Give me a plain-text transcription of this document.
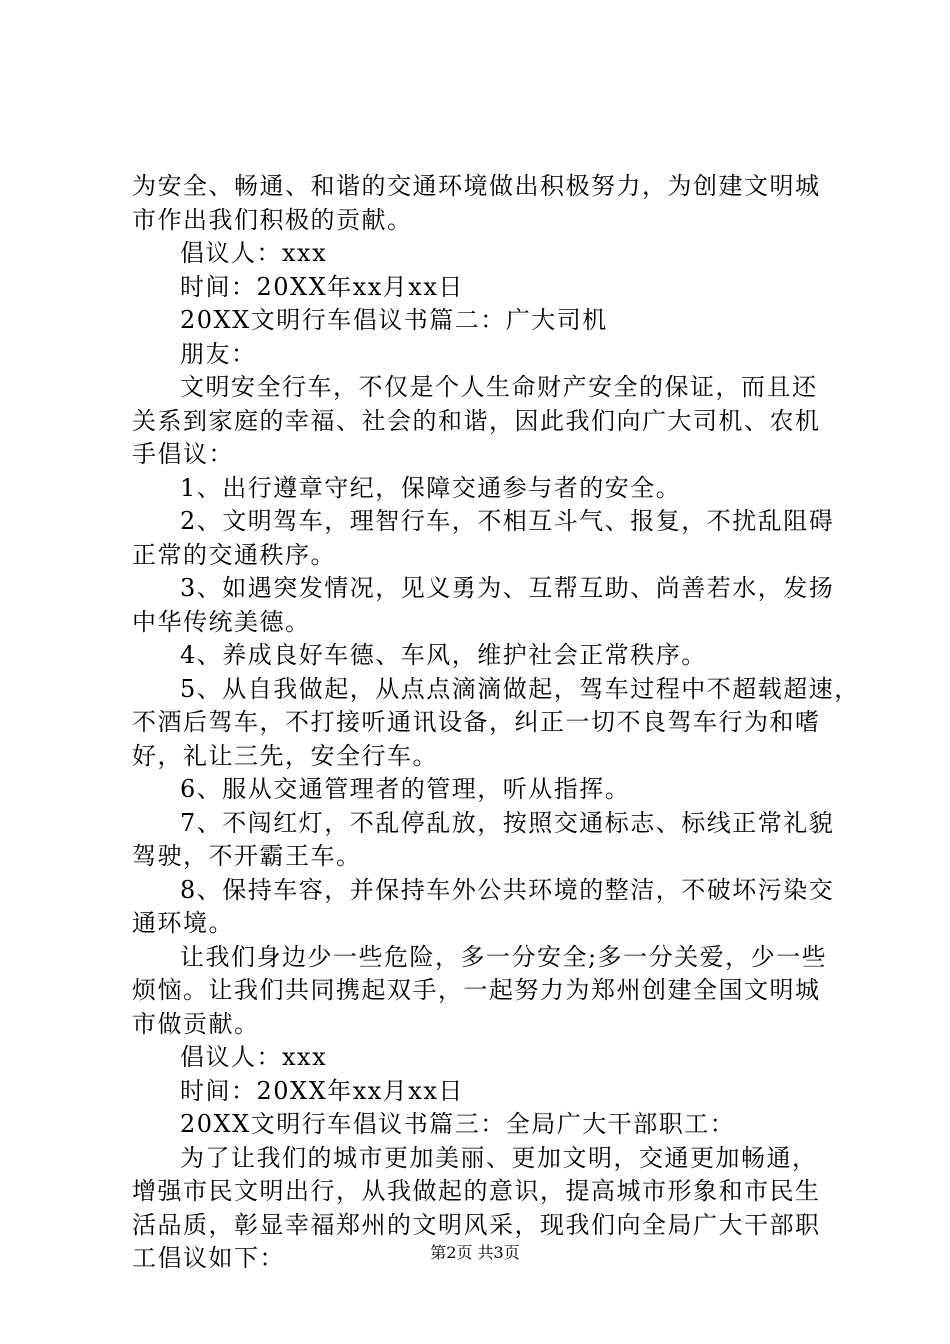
为安全、畅通、和谐的交通环境做出积极努力，为创建文明城
市作出我们积极的贡献。
倡议人：xxx
时间：20XX年xx月xx日
20XX文明行车倡议书篇二：广大司机
朋友：
文明安全行车，不仅是个人生命财产安全的保证，而且还
关系到家庭的幸福、社会的和谐，因此我们向广大司机、农机
手倡议：
1、出行遵章守纪，保障交通参与者的安全。
2、文明驾车，理智行车，不相互斗气、报复，不扰乱阻碍
正常的交通秩序。
3、如遇突发情况，见义勇为、互帮互助、尚善若水，发扬
中华传统美德。
4、养成良好车德、车风，维护社会正常秩序。
5、从自我做起，从点点滴滴做起，驾车过程中不超载超速，
不酒后驾车，不打接听通讯设备，纠正一切不良驾车行为和嗜
好，礼让三先，安全行车。
6、服从交通管理者的管理，听从指挥。
7、不闯红灯，不乱停乱放，按照交通标志、标线正常礼貌
驾驶，不开霸王车。
8、保持车容，并保持车外公共环境的整洁，不破坏污染交
通环境。
让我们身边少一些危险，多一分安全;多一分关爱，少一些
烦恼。让我们共同携起双手，一起努力为郑州创建全国文明城
市做贡献。
倡议人：xxx
时间：20XX年xx月xx日
20XX文明行车倡议书篇三：全局广大干部职工：
为了让我们的城市更加美丽、更加文明，交通更加畅通，
增强市民文明出行，从我做起的意识，提高城市形象和市民生
活品质，彰显幸福郑州的文明风采，现我们向全局广大干部职
工倡议如下：	第2页 共3页
